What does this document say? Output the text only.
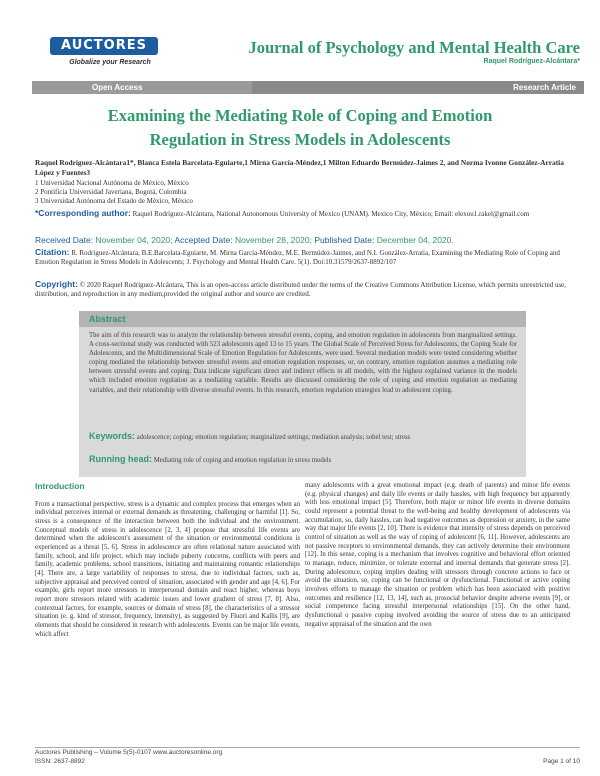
AUCTORES
Globalize your Research
Journal of Psychology and Mental Health Care
Raquel Rodríguez-Alcántara*
Open Access	Research Article
Examining the Mediating Role of Coping and Emotion
Regulation in Stress Models in Adolescents
Raquel Rodríguez-Alcántara1*, Blanca Estela Barcelata-Eguiarte,1 Mirna García-Méndez,1 Milton Eduardo Bermúdez-Jaimes 2, and Norma Ivonne González-Arratia López y Fuentes3
1 Universidad Nacional Autónoma de México, México
2 Pontificia Universidad Javeriana, Bogotá, Colombia
3 Universidad Autónoma del Estado de México, México
*Corresponding author: Raquel Rodríguez-Alcántara, National Autonomous University of Mexico (UNAM). Mexico City, México; Email: elexou1.rakel@gmail.com
Received Date: November 04, 2020; Accepted Date: November 28, 2020; Published Date: December 04, 2020.
Citation: R. Rodríguez-Alcántara, B.E.Barcelata-Eguiarte, M. Mirna García-Méndez, M.E. Bermúdez-Jaimes, and N.I. González-Arratia, Examining the Mediating Role of Coping and Emotion Regulation in Stress Models in Adolescents; J. Psychology and Mental Health Care. 5(1). Doi:10.31579/2637-8892/107
Copyright: © 2020 Raquel Rodríguez-Alcántara, This is an open-access article distributed under the terms of the Creative Commons Attribution License, which permits unrestricted use, distribution, and reproduction in any medium,provided the original author and source are credited.
Abstract
The aim of this research was to analyze the relationship between stressful events, coping, and emotion regulation in adolescents from marginalized settings. A cross-sectional study was conducted with 523 adolescents aged 13 to 15 years. The Global Scale of Perceived Stress for Adolescents, the Coping Scale for Adolescents, and the Multidimensional Scale of Emotion Regulation for Adolescents, were used. Several mediation models were tested considering whether coping mediated the relationship between stressful events and emotion regulation responses, or, on contrary, emotion regulation assumes a mediating role between stressful events and coping. Data indicate significant direct and indirect effects in all models, with the highest explained variance in the models which included emotion regulation as a mediating variable. Results are discussed considering the role of coping and emotion regulation as mediating variables, and their relationship with diverse stressful events. In this research, emotion regulation strategies lead to adolescent coping.
Keywords: adolescence; coping; emotion regulation; marginalized settings; mediation analysis; sobel test; stress
Running head: Mediating role of coping and emotion regulation in stress models
Introduction

From a transactional perspective, stress is a dynamic and complex process that emerges when an individual perceives internal or external demands as threatening, challenging or harmful [1]. So, stress is a consequence of the interaction between both the individual and the environment. Conceptual models of stress in adolescence [2, 3, 4] propose that stressful life events are determined when the adolescent's assessment of the situation or environmental conditions is experienced as a threat [5, 6]. Stress in adolescence are often relational nature associated with family, school, and life project, which may include puberty concerns, conflicts with peers and family, academic problems, school transitions, initiating and maintaining romantic relationships [4]. There are, a large variability of responses to stress, due to individual factors, such as, subjective appraisal and perceived control of situation, associated with gender and age [4, 6]. For example, girls report more stressors in interpersonal domain and react higher, whereas boys report more stressors related with academic issues and lower gradient of stress [7, 8]. Also, contextual factors, for example, sources or domain of stress [8], the characteristics of a stressor situation (e. g. kind of stressor, frequency, intensity), as suggested by Fluori and Kallis [9], are elements that should be considered in research with adolescents. Events can be major life events, which affect

many adolescents with a great emotional impact (e.g. death of parents) and minor life events (e.g. physical changes) and daily life events or daily hassles, with high frequency but apparently with less emotional impact [5]. Therefore, both major or minor life events in diverse domains could represent a potential threat to the well-being and healthy development of adolescents via accumulation, so, daily hassles, can lead negative outcomes as depression or anxiety, in the same way that major life events [2, 10]. There is evidence that intensity of stress depends on perceived control of situation as well as the way of coping of adolescent [6, 11]. However, adolescents are not passive receptors to environmental demands, they can actively determine their environment [12]. In this sense, coping is a mechanism that involves cognitive and behavioral effort oriented to manage, reduce, minimize, or tolerate external and internal demands that generate stress [2]. During adolescence, coping implies dealing with stressors through concrete actions to face or avoid the situation, so, coping can be functional or dysfunctional. Functional or active coping involves efforts to manage the situation or problem which has been associated with positive outcomes and resilience [12, 13, 14], such as, prosocial behavior despite adverse events [9], or social competence facing stressful interpersonal relationships [15]. On the other hand, dysfunctional o passive coping involved avoiding the source of stress due to an anticipated negative appraisal of the situation and the own

Auctores Publishing – Volume 5(5)-0107 www.auctoresonline.org
ISSN: 2637-8892	Page 1 of 10
